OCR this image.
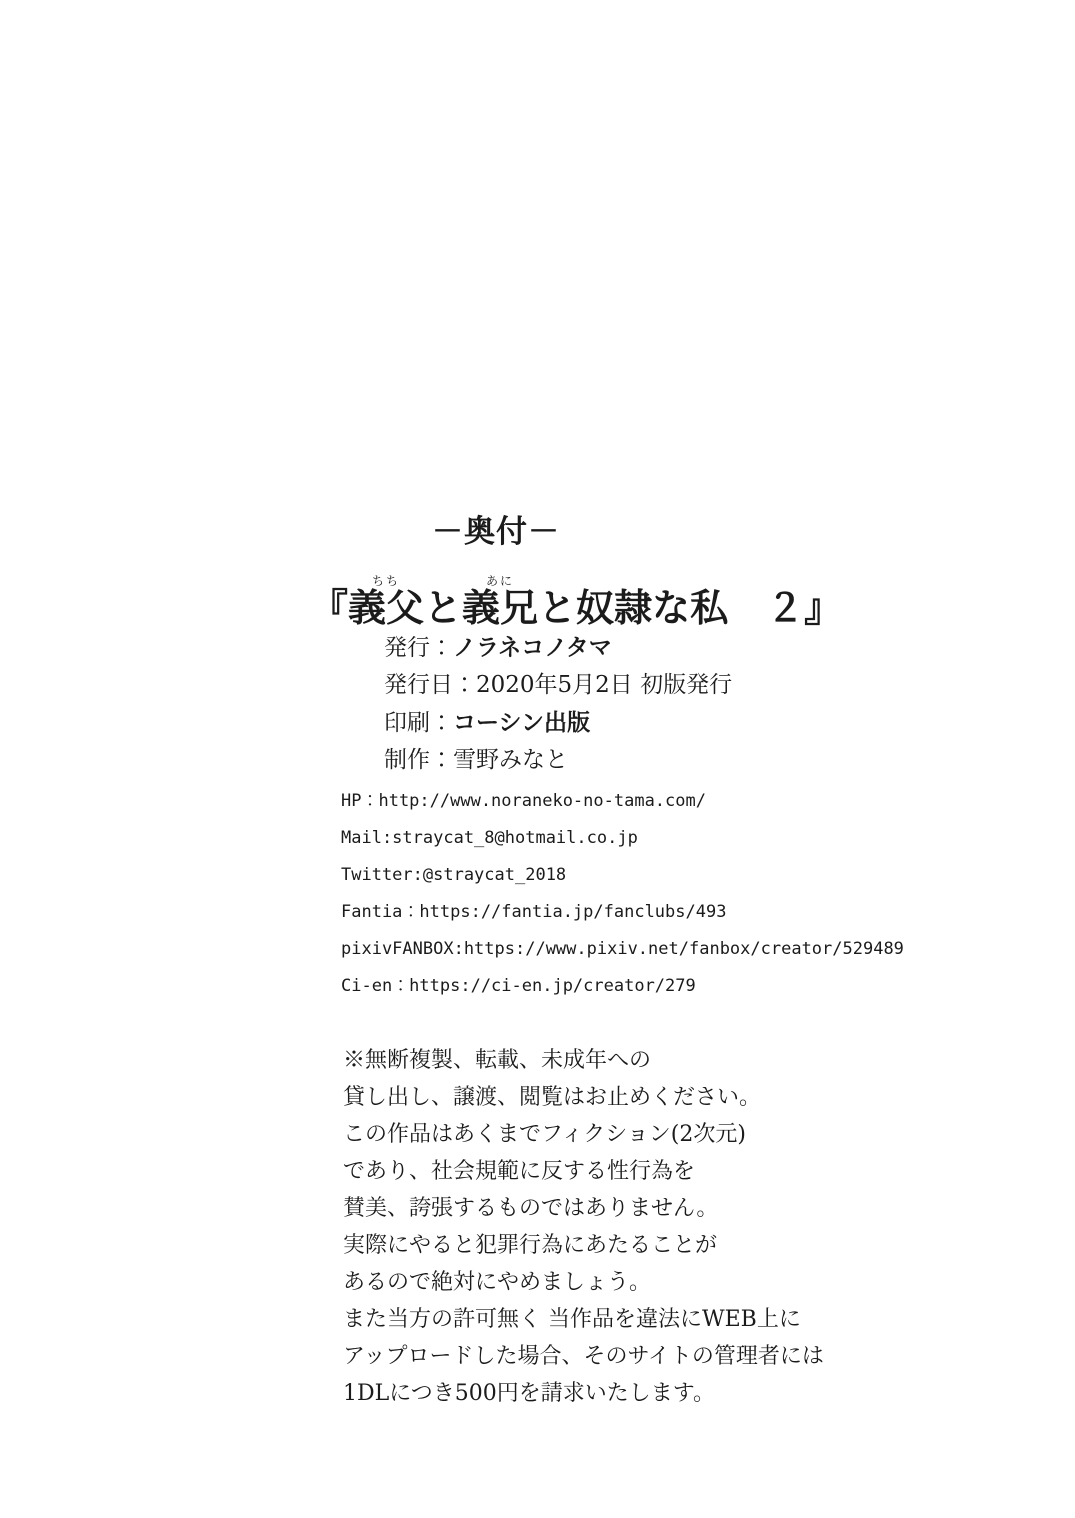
－奥付－
『義父ちちと義兄あにと奴隷な私　２』
発行：ノラネコノタマ
発行日：2020年5月2日 初版発行
印刷：コーシン出版
制作：雪野みなと
HP：http://www.noraneko-no-tama.com/
Mail:straycat_8@hotmail.co.jp
Twitter:@straycat_2018
Fantia：https://fantia.jp/fanclubs/493
pixivFANBOX:https://www.pixiv.net/fanbox/creator/529489
Ci-en：https://ci-en.jp/creator/279
※無断複製、転載、未成年への
貸し出し、譲渡、閲覧はお止めください。
この作品はあくまでフィクション(2次元)
であり、社会規範に反する性行為を
賛美、誇張するものではありません。
実際にやると犯罪行為にあたることが
あるので絶対にやめましょう。
また当方の許可無く 当作品を違法にWEB上に
アップロードした場合、そのサイトの管理者には
1DLにつき500円を請求いたします。
